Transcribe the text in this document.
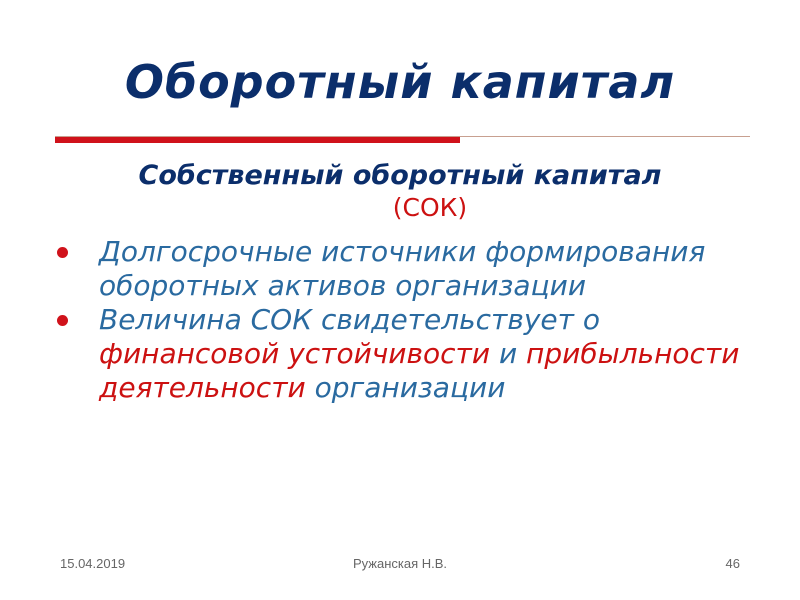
Оборотный капитал
Собственный оборотный капитал
(СОК)
Долгосрочные источники формирования оборотных активов организации
Величина СОК свидетельствует о финансовой устойчивости и прибыльности деятельности организации
15.04.2019	Ружанская Н.В.	46
